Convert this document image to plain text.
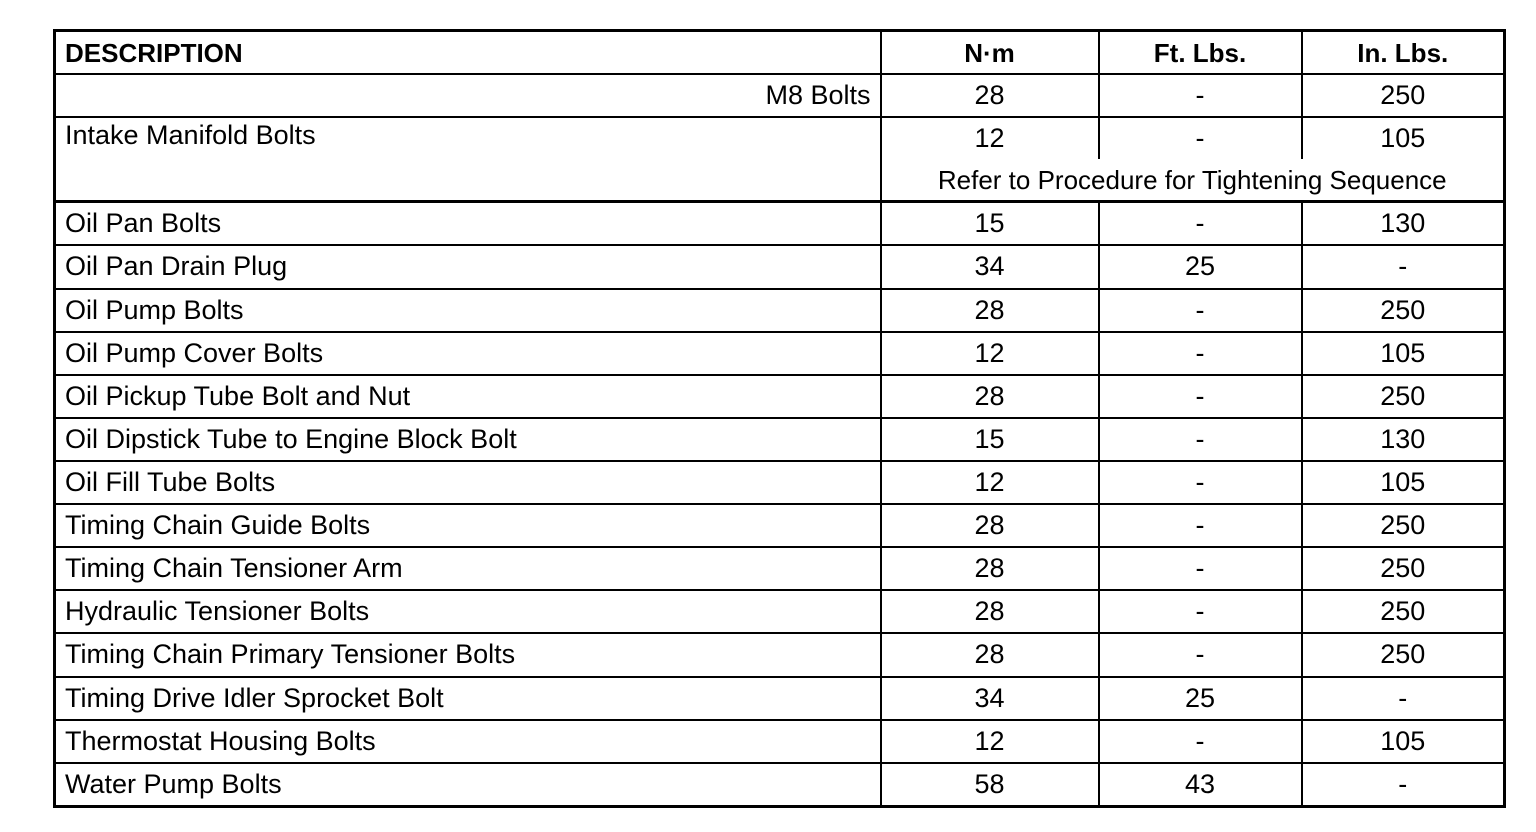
DESCRIPTION	N·m	Ft. Lbs.	In. Lbs.
M8 Bolts	28	-	250
Intake Manifold Bolts	12	-	105
	Refer to Procedure for Tightening Sequence		
Oil Pan Bolts	15	-	130
Oil Pan Drain Plug	34	25	-
Oil Pump Bolts	28	-	250
Oil Pump Cover Bolts	12	-	105
Oil Pickup Tube Bolt and Nut	28	-	250
Oil Dipstick Tube to Engine Block Bolt	15	-	130
Oil Fill Tube Bolts	12	-	105
Timing Chain Guide Bolts	28	-	250
Timing Chain Tensioner Arm	28	-	250
Hydraulic Tensioner Bolts	28	-	250
Timing Chain Primary Tensioner Bolts	28	-	250
Timing Drive Idler Sprocket Bolt	34	25	-
Thermostat Housing Bolts	12	-	105
Water Pump Bolts	58	43	-
